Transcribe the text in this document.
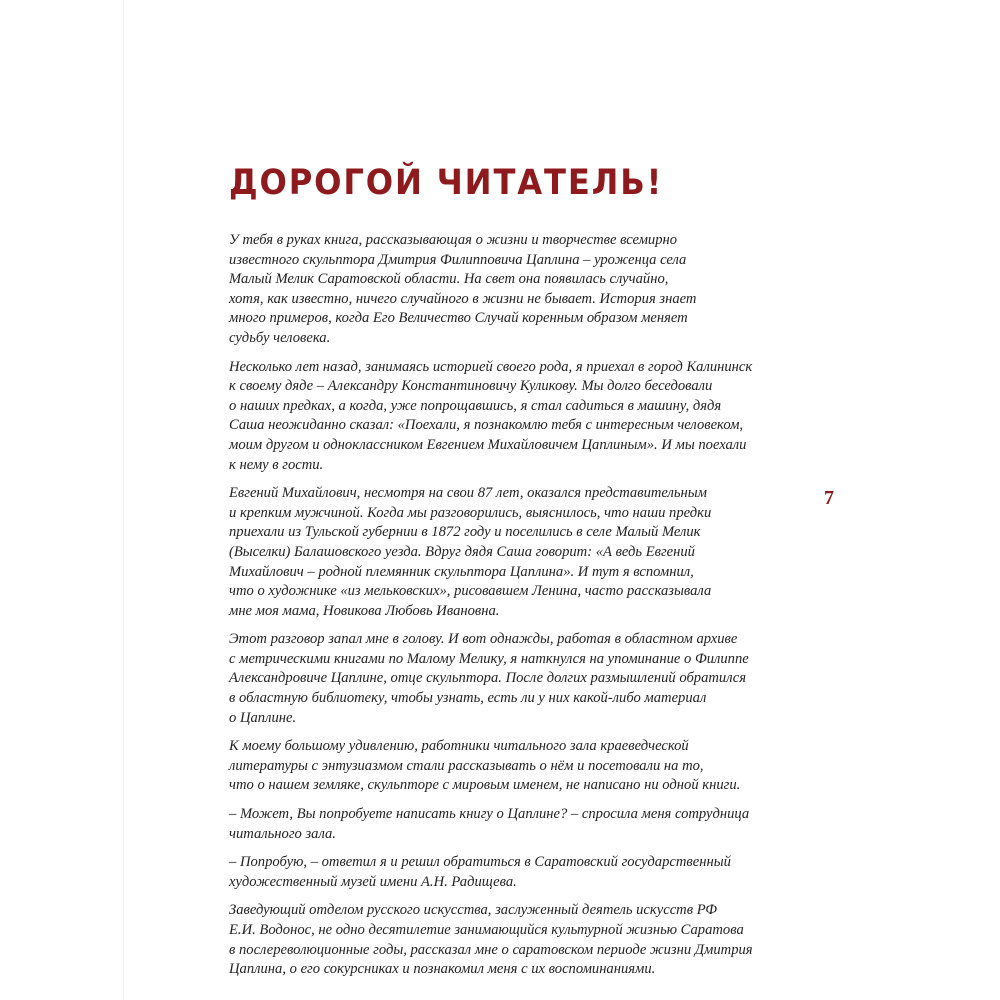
ДОРОГОЙ ЧИТАТЕЛЬ!

У тебя в руках книга, рассказывающая о жизни и творчестве всемирно
известного скульптора Дмитрия Филипповича Цаплина – уроженца села
Малый Мелик Саратовской области. На свет она появилась случайно,
хотя, как известно, ничего случайного в жизни не бывает. История знает
много примеров, когда Его Величество Случай коренным образом меняет
судьбу человека.

Несколько лет назад, занимаясь историей своего рода, я приехал в город Калининск
к своему дяде – Александру Константиновичу Куликову. Мы долго беседовали
о наших предках, а когда, уже попрощавшись, я стал садиться в машину, дядя
Саша неожиданно сказал: «Поехали, я познакомлю тебя с интересным человеком,
моим другом и одноклассником Евгением Михайловичем Цаплиным». И мы поехали
к нему в гости.

Евгений Михайлович, несмотря на свои 87 лет, оказался представительным
и крепким мужчиной. Когда мы разговорились, выяснилось, что наши предки
приехали из Тульской губернии в 1872 году и поселились в селе Малый Мелик
(Выселки) Балашовского уезда. Вдруг дядя Саша говорит: «А ведь Евгений
Михайлович – родной племянник скульптора Цаплина». И тут я вспомнил,
что о художнике «из мельковских», рисовавшем Ленина, часто рассказывала
мне моя мама, Новикова Любовь Ивановна.

Этот разговор запал мне в голову. И вот однажды, работая в областном архиве
с метрическими книгами по Малому Мелику, я наткнулся на упоминание о Филиппе
Александровиче Цаплине, отце скульптора. После долгих размышлений обратился
в областную библиотеку, чтобы узнать, есть ли у них какой-либо материал
о Цаплине.

К моему большому удивлению, работники читального зала краеведческой
литературы с энтузиазмом стали рассказывать о нём и посетовали на то,
что о нашем земляке, скульпторе с мировым именем, не написано ни одной книги.

– Может, Вы попробуете написать книгу о Цаплине? – спросила меня сотрудница
читального зала.

– Попробую, – ответил я и решил обратиться в Саратовский государственный
художественный музей имени А.Н. Радищева.

Заведующий отделом русского искусства, заслуженный деятель искусств РФ
Е.И. Водонос, не одно десятилетие занимающийся культурной жизнью Саратова
в послереволюционные годы, рассказал мне о саратовском периоде жизни Дмитрия
Цаплина, о его сокурсниках и познакомил меня с их воспоминаниями.

7
